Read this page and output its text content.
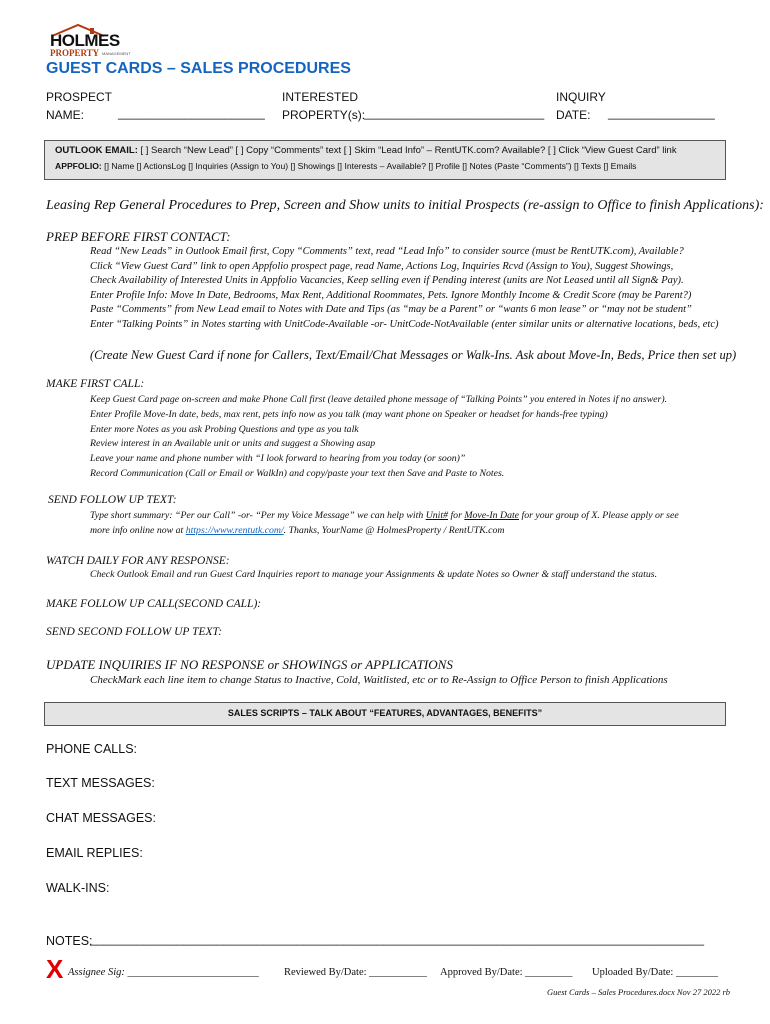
HOLMES
PROPERTY MANAGEMENT
GUEST CARDS – SALES PROCEDURES
PROSPECT
NAME:	______________________
INTERESTED
PROPERTY(s):
___________________________
INQUIRY
DATE: ________________
OUTLOOK EMAIL: [ ] Search “New Lead” [ ] Copy “Comments” text [ ] Skim “Lead Info” – RentUTK.com? Available? [ ] Click “View Guest Card” link
APPFOLIO: [] Name [] ActionsLog [] Inquiries (Assign to You) [] Showings [] Interests – Available? [] Profile [] Notes (Paste “Comments”) [] Texts [] Emails
Leasing Rep General Procedures to Prep, Screen and Show units to initial Prospects (re-assign to Office to finish Applications):
PREP BEFORE FIRST CONTACT:
Read “New Leads” in Outlook Email first, Copy “Comments” text, read “Lead Info” to consider source (must be RentUTK.com), Available?
Click “View Guest Card” link to open Appfolio prospect page, read Name, Actions Log, Inquiries Rcvd (Assign to You), Suggest Showings,
Check Availability of Interested Units in Appfolio Vacancies, Keep selling even if Pending interest (units are Not Leased until all Sign& Pay).
Enter Profile Info: Move In Date, Bedrooms, Max Rent, Additional Roommates, Pets. Ignore Monthly Income & Credit Score (may be Parent?)
Paste “Comments” from New Lead email to Notes with Date and Tips (as “may be a Parent” or “wants 6 mon lease” or “may not be student”
Enter “Talking Points” in Notes starting with UnitCode-Available -or- UnitCode-NotAvailable (enter similar units or alternative locations, beds, etc)
(Create New Guest Card if none for Callers, Text/Email/Chat Messages or Walk-Ins. Ask about Move-In, Beds, Price then set up)
MAKE FIRST CALL:
Keep Guest Card page on-screen and make Phone Call first (leave detailed phone message of “Talking Points” you entered in Notes if no answer).
Enter Profile Move-In date, beds, max rent, pets info now as you talk (may want phone on Speaker or headset for hands-free typing)
Enter more Notes as you ask Probing Questions and type as you talk
Review interest in an Available unit or units and suggest a Showing asap
Leave your name and phone number with “I look forward to hearing from you today (or soon)”
Record Communication (Call or Email or WalkIn) and copy/paste your text then Save and Paste to Notes.
SEND FOLLOW UP TEXT:
Type short summary: “Per our Call” -or- “Per my Voice Message” we can help with Unit# for Move-In Date for your group of X. Please apply or see
more info online now at https://www.rentutk.com/. Thanks, YourName @ HolmesProperty / RentUTK.com
WATCH DAILY FOR ANY RESPONSE:
Check Outlook Email and run Guest Card Inquiries report to manage your Assignments & update Notes so Owner & staff understand the status.
MAKE FOLLOW UP CALL(SECOND CALL):
SEND SECOND FOLLOW UP TEXT:
UPDATE INQUIRIES IF NO RESPONSE or SHOWINGS or APPLICATIONS
CheckMark each line item to change Status to Inactive, Cold, Waitlisted, etc or to Re-Assign to Office Person to finish Applications
SALES SCRIPTS – TALK ABOUT “FEATURES, ADVANTAGES, BENEFITS”
PHONE CALLS:
TEXT MESSAGES:
CHAT MESSAGES:
EMAIL REPLIES:
WALK-INS:
NOTES:
____________________________________________________________________________________________
X Assignee Sig: _________________________ Reviewed By/Date: ___________ Approved By/Date: _________ Uploaded By/Date: ________
Guest Cards – Sales Procedures.docx Nov 27 2022 rb
